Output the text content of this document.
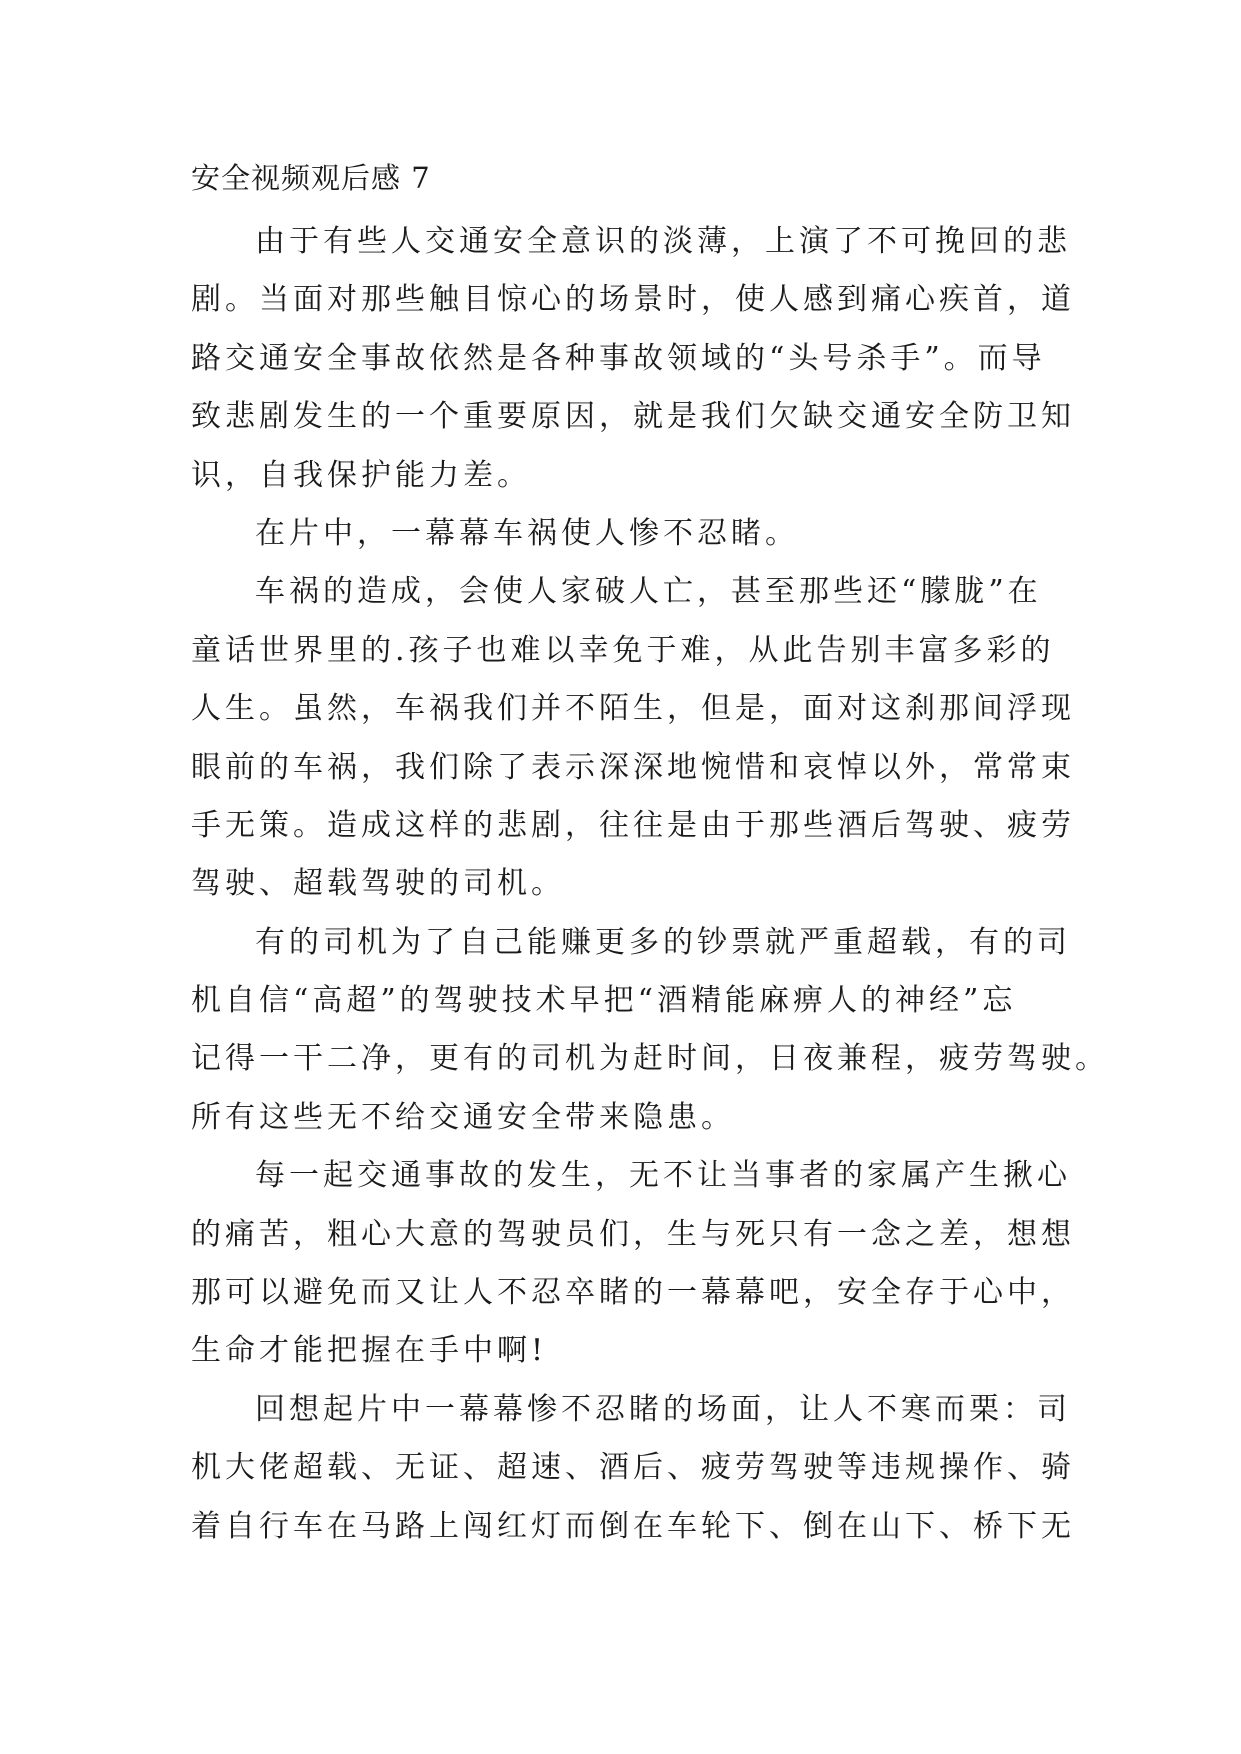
安全视频观后感 7
由于有些人交通安全意识的淡薄，上演了不可挽回的悲
剧。当面对那些触目惊心的场景时，使人感到痛心疾首，道
路交通安全事故依然是各种事故领域的“头号杀手”。而导
致悲剧发生的一个重要原因，就是我们欠缺交通安全防卫知
识，自我保护能力差。
在片中，一幕幕车祸使人惨不忍睹。
车祸的造成，会使人家破人亡，甚至那些还“朦胧”在
童话世界里的.孩子也难以幸免于难，从此告别丰富多彩的
人生。虽然，车祸我们并不陌生，但是，面对这刹那间浮现
眼前的车祸，我们除了表示深深地惋惜和哀悼以外，常常束
手无策。造成这样的悲剧，往往是由于那些酒后驾驶、疲劳
驾驶、超载驾驶的司机。
有的司机为了自己能赚更多的钞票就严重超载，有的司
机自信“高超”的驾驶技术早把“酒精能麻痹人的神经”忘
记得一干二净，更有的司机为赶时间，日夜兼程，疲劳驾驶。
所有这些无不给交通安全带来隐患。
每一起交通事故的发生，无不让当事者的家属产生揪心
的痛苦，粗心大意的驾驶员们，生与死只有一念之差，想想
那可以避免而又让人不忍卒睹的一幕幕吧，安全存于心中，
生命才能把握在手中啊!
回想起片中一幕幕惨不忍睹的场面，让人不寒而栗：司
机大佬超载、无证、超速、酒后、疲劳驾驶等违规操作、骑
着自行车在马路上闯红灯而倒在车轮下、倒在山下、桥下无
